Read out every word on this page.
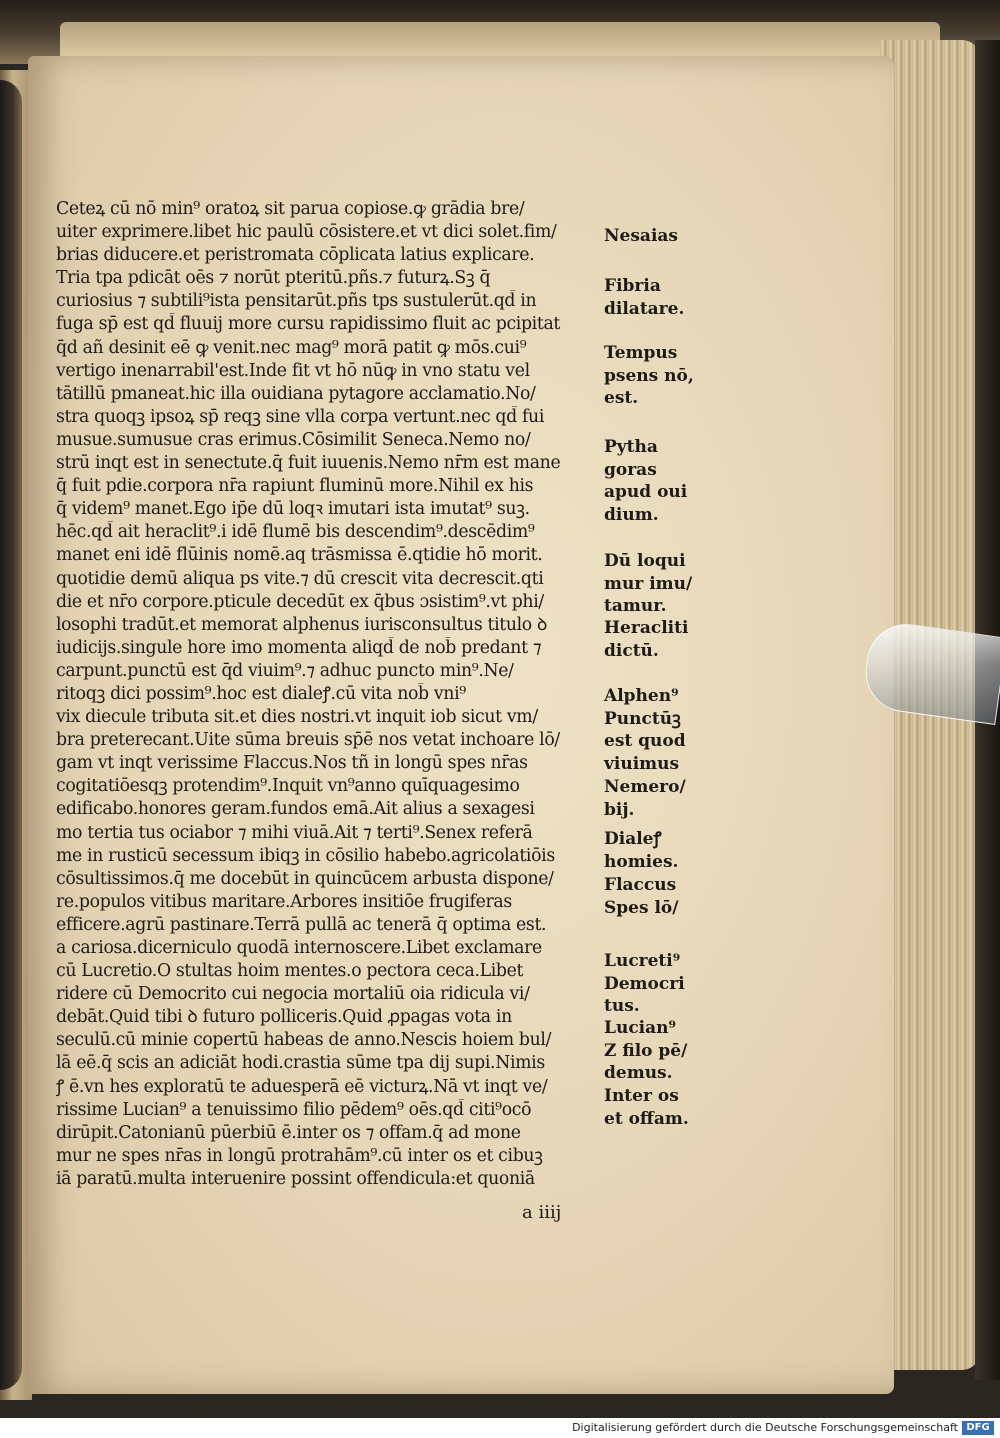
Ceteꝝ cū nō min⁹ oratoꝝ sit parua copiose.ꝙ grādia bre/
uiter exprimere.libet hic paulū cōsistere.et vt dici solet.fim/
brias diducere.et peristromata cōplicata latius explicare.
Tria tpa pdicāt oēs ⁊ norūt pteritū.pñs.⁊ futurꝝ.Sꝫ q̄
curiosius ⁊ subtili⁹ista pensitarūt.pñs tps sustulerūt.qd̄ in
fuga sp̄ est qd̄ fluuij more cursu rapidissimo fluit ac pcipitat
q̄d añ desinit eē ꝙ venit.nec mag⁹ morā patit ꝙ mōs.cui⁹
vertigo inenarrabil'est.Inde fit vt hō nūꝙ in vno statu vel
tātillū pmaneat.hic illa ouidiana pytagore acclamatio.No/
stra quoqꝫ ipsoꝝ sp̄ reqꝫ sine vlla corpa vertunt.nec qd̄ fui
musue.sumusue cras erimus.Cōsimilit Seneca.Nemo no/
strū inqt est in senectute.q̄ fuit iuuenis.Nemo nr̄m est mane
q̄ fuit pdie.corpora nr̄a rapiunt fluminū more.Nihil ex his
q̄ videm⁹ manet.Ego ip̄e dū loqꝛ imutari ista imutat⁹ suꝫ.
hēc.qd̄ ait heraclit⁹.i idē flumē bis descendim⁹.descēdim⁹
manet eni idē flūinis nomē.aq trāsmissa ē.qtidie hō morit.
quotidie demū aliqua ps vite.⁊ dū crescit vita decrescit.qti
die et nr̄o corpore.pticule decedūt ex q̄bus ɔsistim⁹.vt phi/
losophi tradūt.et memorat alphenus iurisconsultus titulo ꝺ
iudicijs.singule hore imo momenta aliqd̄ de nob̄ predant ⁊
carpunt.punctū est q̄d viuim⁹.⁊ adhuc puncto min⁹.Ne/
ritoqꝫ dici possim⁹.hoc est dialeꝭ.cū vita nob̄ vni⁹
vix diecule tributa sit.et dies nostri.vt inquit iob sicut vm/
bra preterecant.Uite sūma breuis sp̄ē nos vetat inchoare lō/
gam vt inqt verissime Flaccus.Nos tñ in longū spes nr̄as
cogitatiōesqꝫ protendim⁹.Inquit vn⁹anno quīquagesimo
edificabo.honores geram.fundos emā.Ait alius a sexagesi
mo tertia tus ociabor ⁊ mihi viuā.Ait ⁊ terti⁹.Senex referā
me in rusticū secessum ibiqꝫ in cōsilio habebo.agricolatiōis
cōsultissimos.q̄ me docebūt in quincūcem arbusta dispone/
re.populos vitibus maritare.Arbores insitiōe frugiferas
efficere.agrū pastinare.Terrā pullā ac tenerā q̄ optima est.
a cariosa.dicerniculo quodā internoscere.Libet exclamare
cū Lucretio.O stultas hoim mentes.o pectora ceca.Libet
ridere cū Democrito cui negocia mortaliū oia ridicula vi/
debāt.Quid tibi ꝺ futuro polliceris.Quid ꝓpagas vota in
seculū.cū minie copertū habeas de anno.Nescis hoiem bul/
lā eē.q̄ scis an adiciāt hodi.crastia sūme tpa dij supi.Nimis
ꝭ ē.vn hes exploratū te aduesperā eē victurꝝ.Nā vt inqt ve/
rissime Lucian⁹ a tenuissimo filio pēdem⁹ oēs.qd̄ citi⁹ocō
dirūpit.Catonianū pūerbiū ē.inter os ⁊ offam.q̄ ad mone
mur ne spes nr̄as in longū protrahām⁹.cū inter os et cibuꝫ
iā paratū.multa interuenire possint offendicula:et quoniā
Nesaias
Fibria
dilatare.
Tempus
psens nō,
est.
Pytha
goras
apud oui
dium.
Dū loqui
mur imu/
tamur.
Heracliti
dictū.
Alphen⁹
Punctūꝫ
est quod
viuimus
Nemero/
bij.
Dialeꝭ
homies.
Flaccus
Spes lō/
Lucreti⁹
Democri
tus.
Lucian⁹
Z filo pē/
demus.
Inter os
et offam.
a iiij
Digitalisierung gefördert durch die Deutsche Forschungsgemeinschaft DFG
